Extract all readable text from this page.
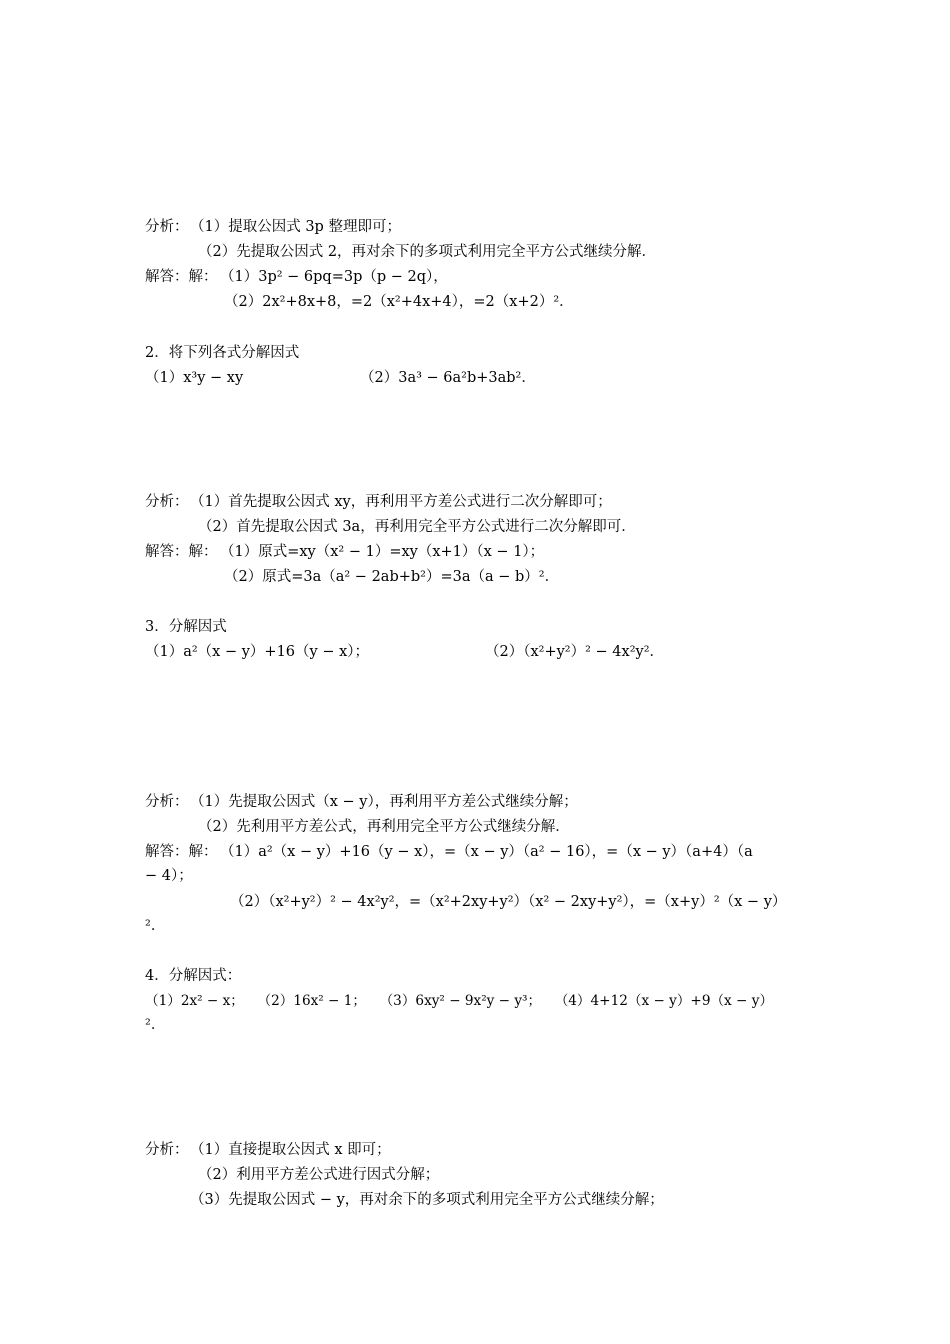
分析： （1）提取公因式 3p 整理即可；
（2）先提取公因式 2，再对余下的多项式利用完全平方公式继续分解．
解答：解： （1）3p² − 6pq=3p（p − 2q），
（2）2x²+8x+8，=2（x²+4x+4），=2（x+2）²．
2．将下列各式分解因式
（1）x³y − xy	（2）3a³ − 6a²b+3ab²．
分析： （1）首先提取公因式 xy，再利用平方差公式进行二次分解即可；
（2）首先提取公因式 3a，再利用完全平方公式进行二次分解即可．
解答：解： （1）原式=xy（x² − 1）=xy（x+1）（x − 1）；
（2）原式=3a（a² − 2ab+b²）=3a（a − b）²．
3．分解因式
（1）a²（x − y）+16（y − x）；	（2）（x²+y²）² − 4x²y²．
分析： （1）先提取公因式（x − y），再利用平方差公式继续分解；
（2）先利用平方差公式，再利用完全平方公式继续分解．
解答：解： （1）a²（x − y）+16（y − x），=（x − y）（a² − 16），=（x − y）（a+4）（a
− 4）；
（2）（x²+y²）² − 4x²y²，=（x²+2xy+y²）（x² − 2xy+y²），=（x+y）²（x − y）
²．
4．分解因式：
（1）2x² − x；　　（2）16x² − 1；　　（3）6xy² − 9x²y − y³；　　（4）4+12（x − y）+9（x − y）
²．
分析： （1）直接提取公因式 x 即可；
（2）利用平方差公式进行因式分解；
（3）先提取公因式 − y，再对余下的多项式利用完全平方公式继续分解；
